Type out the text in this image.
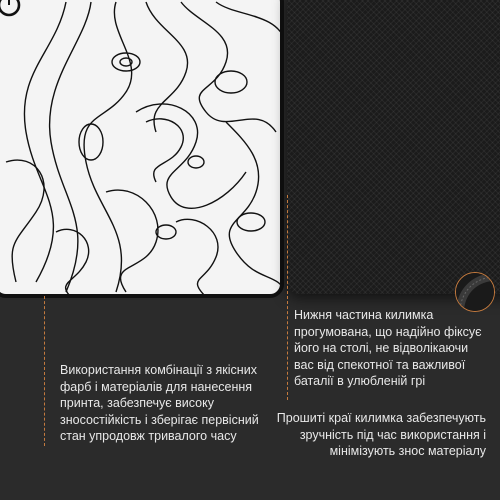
Використання комбінації з якісних фарб і матеріалів для нанесення принта, забезпечує високу зносостійкість і зберігає первісний стан упродовж тривалого часу
Нижня частина килимка прогумована, що надійно фіксує його на столі, не відволікаючи вас від спекотної та важливої баталії в улюбленій грі
Прошиті краї килимка забезпечують зручність під час використання і мінімізують знос матеріалу
